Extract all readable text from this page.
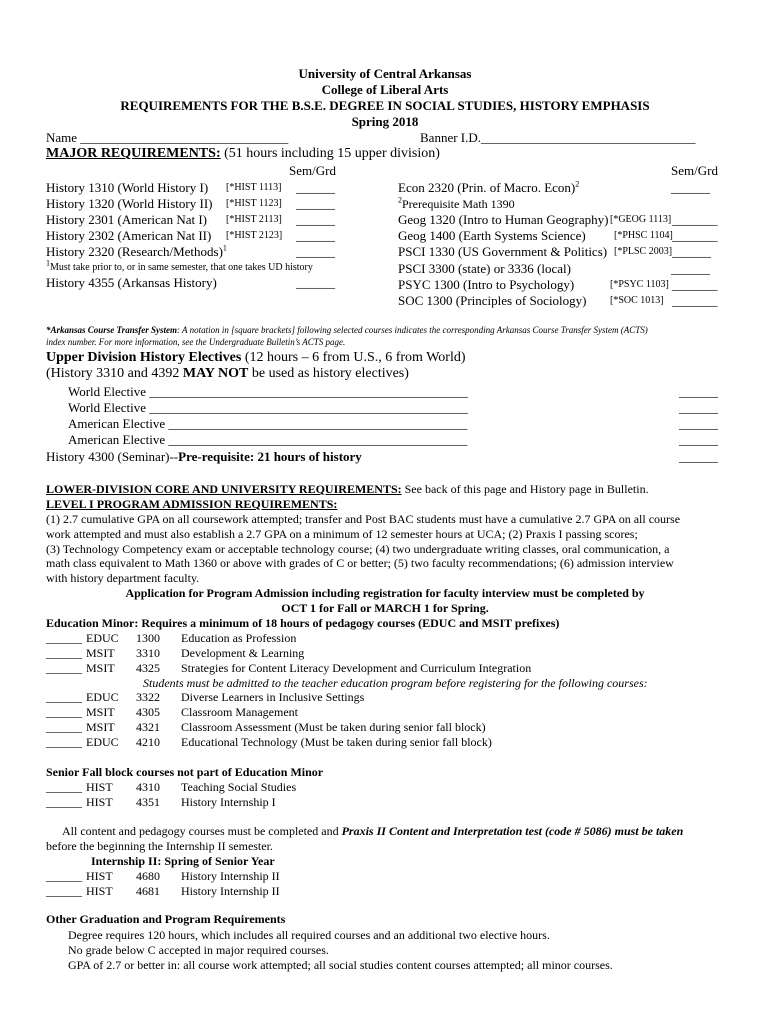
University of Central Arkansas
College of Liberal Arts
REQUIREMENTS FOR THE B.S.E. DEGREE IN SOCIAL STUDIES, HISTORY EMPHASIS
Spring 2018
Name ________________________________	Banner I.D._________________________________
MAJOR REQUIREMENTS: (51 hours including 15 upper division)
Sem/Grd	Sem/Grd
History 1310 (World History I) [*HIST 1113] ______
History 1320 (World History II) [*HIST 1123] ______
History 2301 (American Nat I) [*HIST 2113] ______
History 2302 (American Nat II) [*HIST 2123] ______
History 2320 (Research/Methods)$^1$	______
$^1$Must take prior to, or in same semester, that one takes UD history
History 4355 (Arkansas History)	______
Econ 2320 (Prin. of Macro. Econ)$^2$	______
$^2$Prerequisite Math 1390
Geog 1320 (Intro to Human Geography) [*GEOG 1113] _______
Geog 1400 (Earth Systems Science)	[*PHSC 1104] _______
PSCI 1330 (US Government & Politics) [*PLSC 2003] ______
PSCI 3300 (state) or 3336 (local)	______
PSYC 1300 (Intro to Psychology)	[*PSYC 1103] _______
SOC 1300 (Principles of Sociology) [*SOC 1013] _______
*Arkansas Course Transfer System: A notation in [square brackets] following selected courses indicates the corresponding Arkansas Course Transfer System (ACTS)
index number. For more information, see the Undergraduate Bulletin’s ACTS page.
Upper Division History Electives (12 hours – 6 from U.S., 6 from World)
(History 3310 and 4392 MAY NOT be used as history electives)
World Elective _________________________________________________	______
World Elective _________________________________________________	______
American Elective ______________________________________________	______
American Elective ______________________________________________	______
History 4300 (Seminar)--Pre-requisite: 21 hours of history	______
LOWER-DIVISION CORE AND UNIVERSITY REQUIREMENTS: See back of this page and History page in Bulletin.
LEVEL I PROGRAM ADMISSION REQUIREMENTS:
(1) 2.7 cumulative GPA on all coursework attempted; transfer and Post BAC students must have a cumulative 2.7 GPA on all course
work attempted and must also establish a 2.7 GPA on a minimum of 12 semester hours at UCA; (2) Praxis I passing scores;
(3) Technology Competency exam or acceptable technology course; (4) two undergraduate writing classes, oral communication, a
math class equivalent to Math 1360 or above with grades of C or better; (5) two faculty recommendations; (6) admission interview
with history department faculty.
Application for Program Admission including registration for faculty interview must be completed by
OCT 1 for Fall or MARCH 1 for Spring.
Education Minor: Requires a minimum of 18 hours of pedagogy courses (EDUC and MSIT prefixes)
______ EDUC 1300 Education as Profession
______ MSIT 3310 Development & Learning
______ MSIT 4325 Strategies for Content Literacy Development and Curriculum Integration
Students must be admitted to the teacher education program before registering for the following courses:
______ EDUC 3322 Diverse Learners in Inclusive Settings
______ MSIT 4305 Classroom Management
______ MSIT 4321 Classroom Assessment (Must be taken during senior fall block)
______ EDUC 4210 Educational Technology (Must be taken during senior fall block)
Senior Fall block courses not part of Education Minor
______ HIST 4310 Teaching Social Studies
______ HIST 4351 History Internship I
All content and pedagogy courses must be completed and Praxis II Content and Interpretation test (code # 5086) must be taken
before the beginning the Internship II semester.
Internship II: Spring of Senior Year
______ HIST 4680 History Internship II
______ HIST 4681 History Internship II
Other Graduation and Program Requirements
Degree requires 120 hours, which includes all required courses and an additional two elective hours.
No grade below C accepted in major required courses.
GPA of 2.7 or better in: all course work attempted; all social studies content courses attempted; all minor courses.
